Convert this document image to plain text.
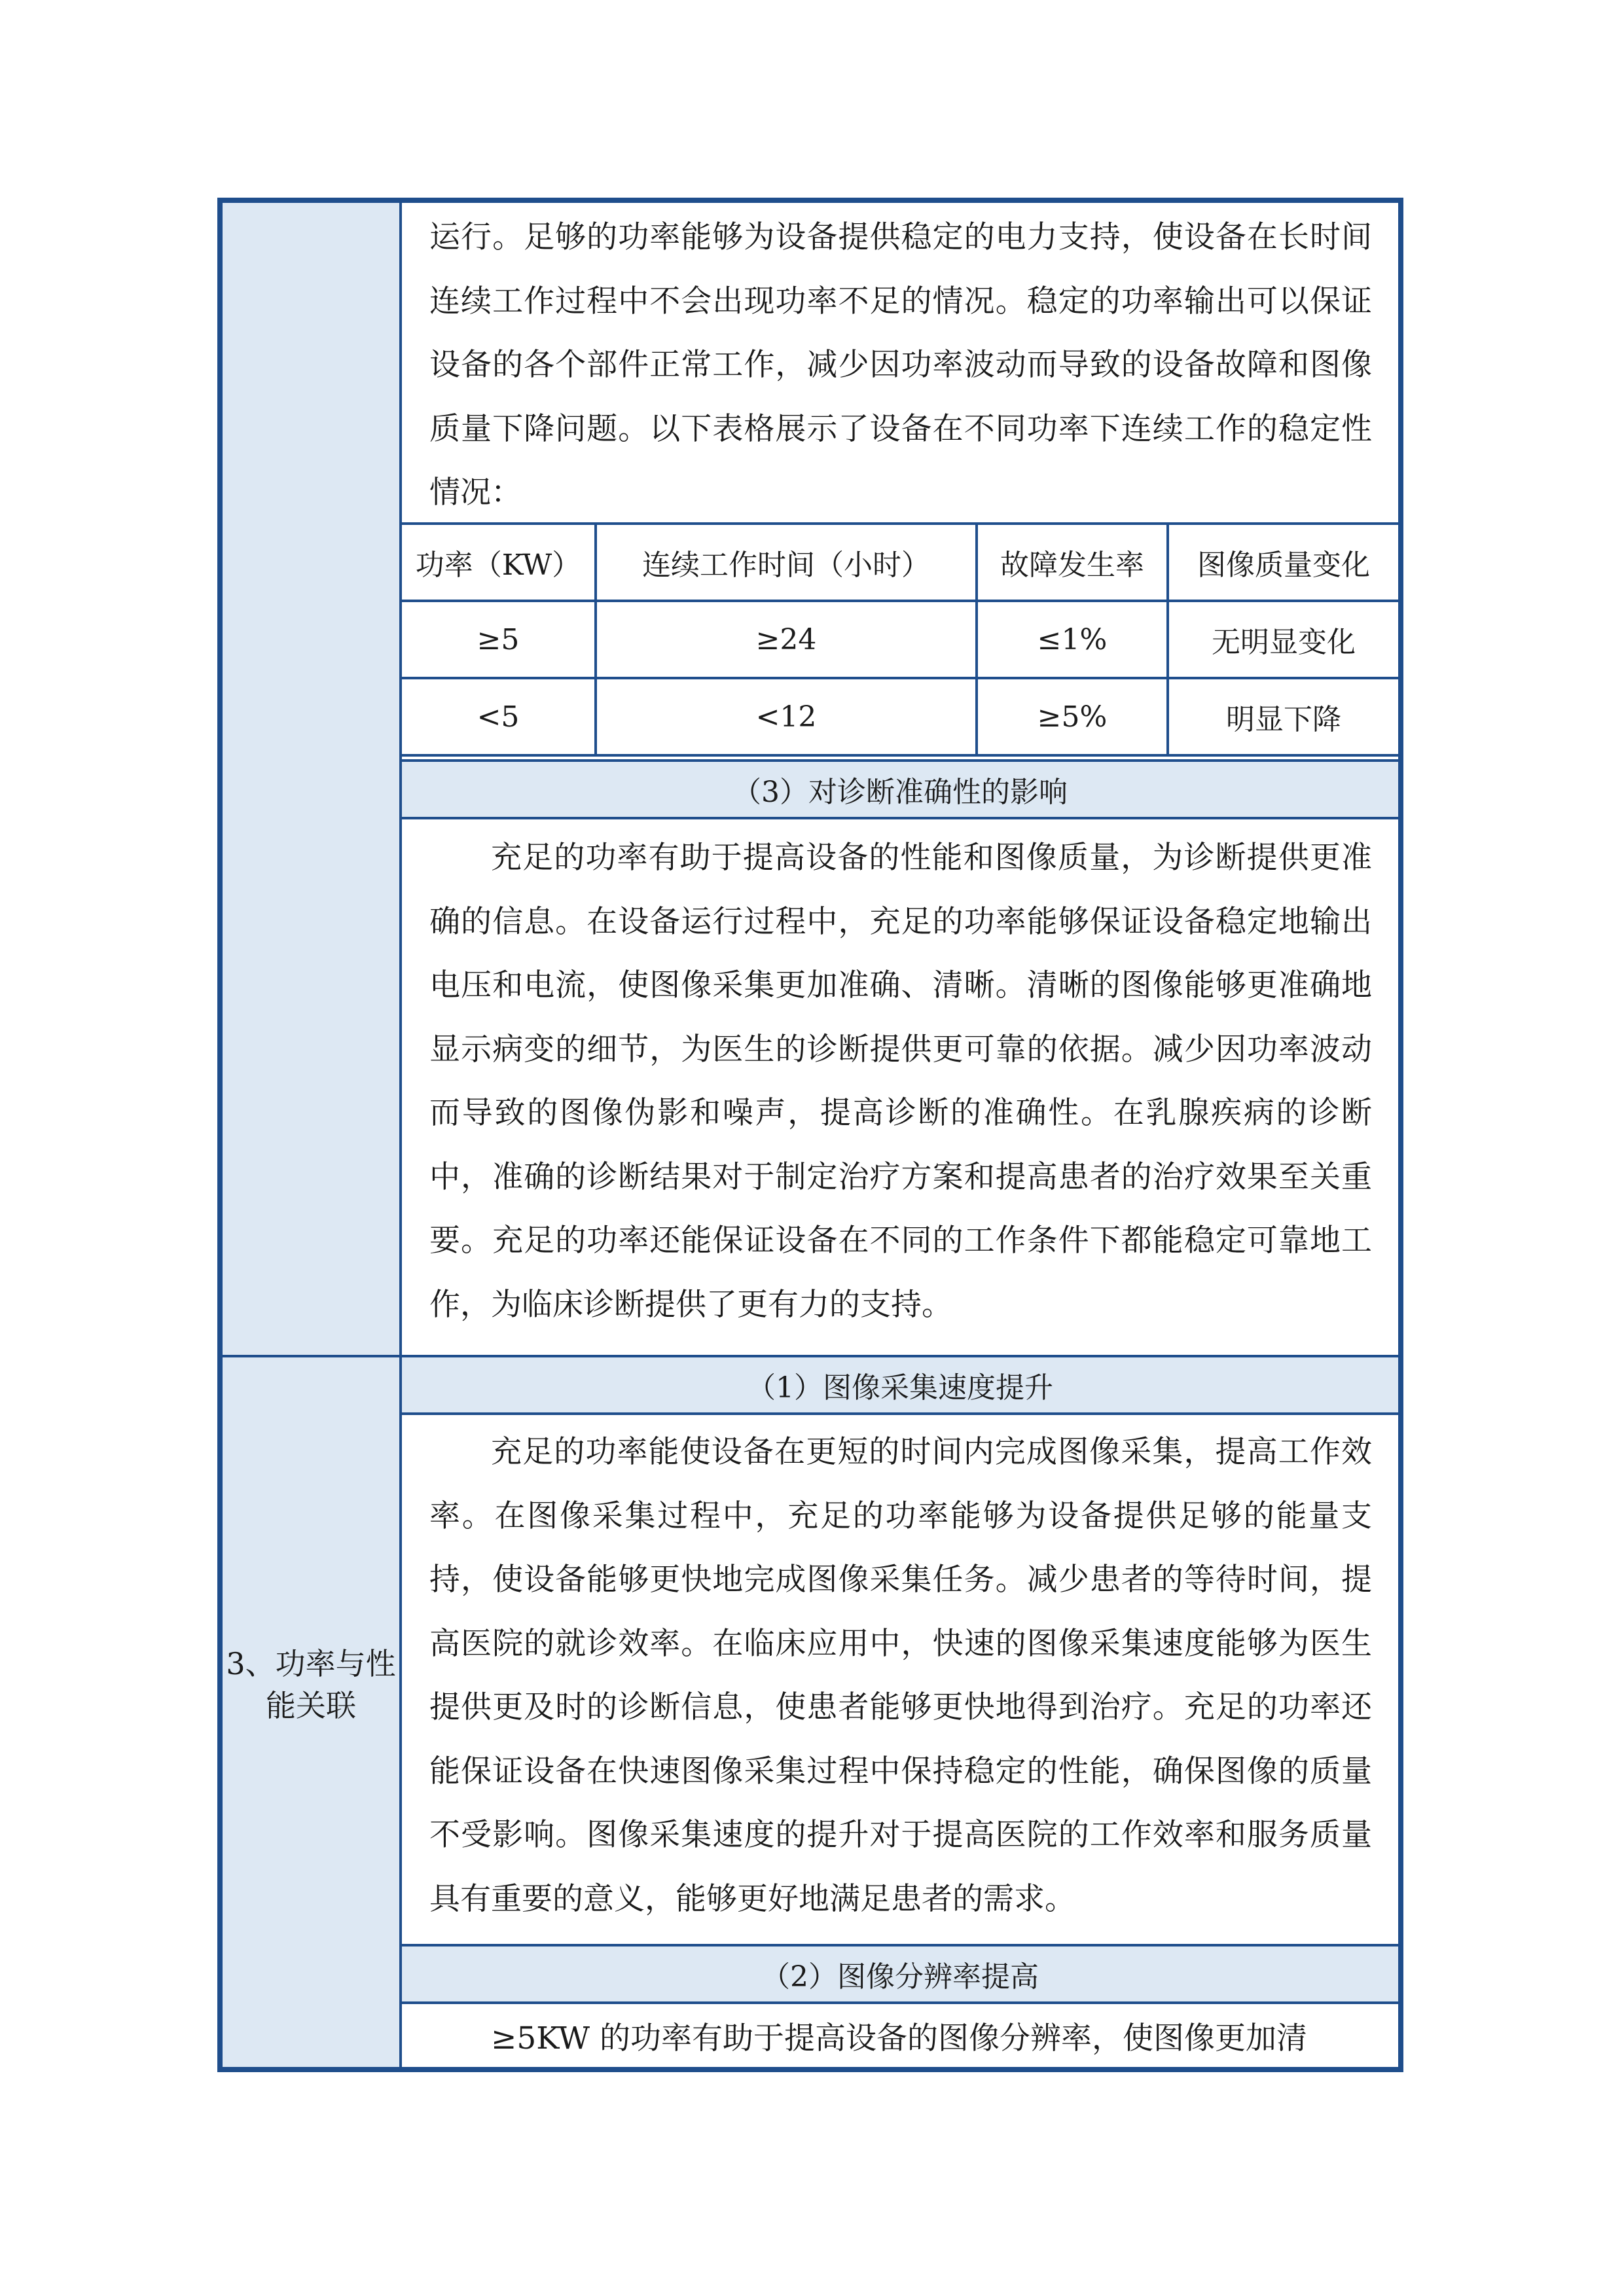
3、功率与性能关联

运行。足够的功率能够为设备提供稳定的电力支持，使设备在长时间连续工作过程中不会出现功率不足的情况。稳定的功率输出可以保证设备的各个部件正常工作，减少因功率波动而导致的设备故障和图像质量下降问题。以下表格展示了设备在不同功率下连续工作的稳定性情况：

功率（KW）	连续工作时间（小时）	故障发生率	图像质量变化
≥5	≥24	≤1%	无明显变化
<5	<12	≥5%	明显下降
（3）对诊断准确性的影响

充足的功率有助于提高设备的性能和图像质量，为诊断提供更准确的信息。在设备运行过程中，充足的功率能够保证设备稳定地输出电压和电流，使图像采集更加准确、清晰。清晰的图像能够更准确地显示病变的细节，为医生的诊断提供更可靠的依据。减少因功率波动而导致的图像伪影和噪声，提高诊断的准确性。在乳腺疾病的诊断中，准确的诊断结果对于制定治疗方案和提高患者的治疗效果至关重要。充足的功率还能保证设备在不同的工作条件下都能稳定可靠地工作，为临床诊断提供了更有力的支持。

（1）图像采集速度提升

充足的功率能使设备在更短的时间内完成图像采集，提高工作效率。在图像采集过程中，充足的功率能够为设备提供足够的能量支持，使设备能够更快地完成图像采集任务。减少患者的等待时间，提高医院的就诊效率。在临床应用中，快速的图像采集速度能够为医生提供更及时的诊断信息，使患者能够更快地得到治疗。充足的功率还能保证设备在快速图像采集过程中保持稳定的性能，确保图像的质量不受影响。图像采集速度的提升对于提高医院的工作效率和服务质量具有重要的意义，能够更好地满足患者的需求。

（2）图像分辨率提高

≥5KW 的功率有助于提高设备的图像分辨率，使图像更加清
